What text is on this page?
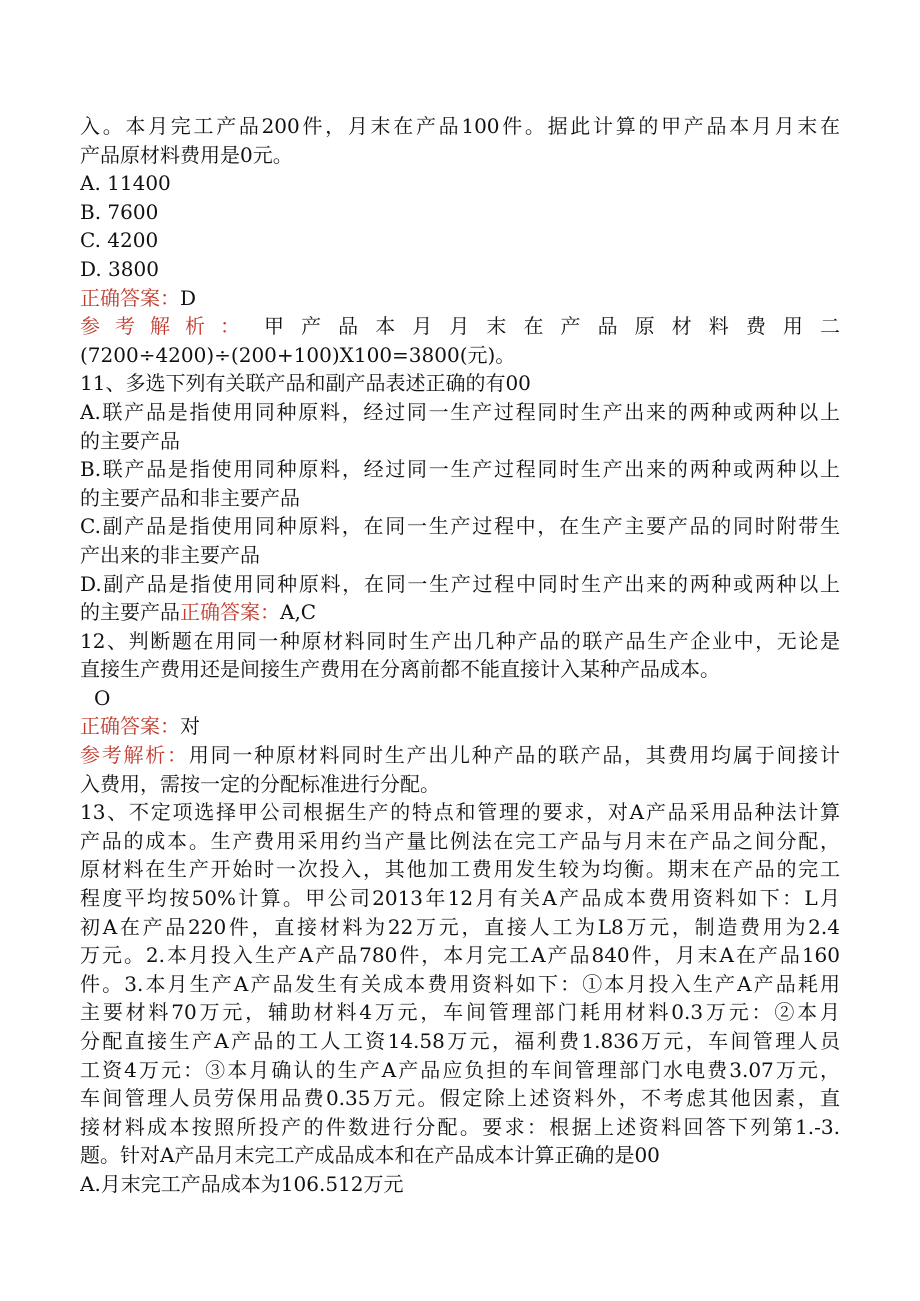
入。本月完工产品200件，月末在产品100件。据此计算的甲产品本月月末在

产品原材料费用是0元。

A. 11400

B. 7600

C. 4200

D. 3800

正确答案：D

参 考 解 析 ： 甲 产 品 本 月 月 末 在 产 品 原 材 料 费 用 二

(7200÷4200)÷(200+100)X100=3800(元)。

11、多选下列有关联产品和副产品表述正确的有00

A.联产品是指使用同种原料，经过同一生产过程同时生产出来的两种或两种以上

的主要产品

B.联产品是指使用同种原料，经过同一生产过程同时生产出来的两种或两种以上

的主要产品和非主要产品

C.副产品是指使用同种原料，在同一生产过程中，在生产主要产品的同时附带生

产出来的非主要产品

D.副产品是指使用同种原料，在同一生产过程中同时生产出来的两种或两种以上

的主要产品正确答案：A,C

12、判断题在用同一种原材料同时生产出几种产品的联产品生产企业中，无论是

直接生产费用还是间接生产费用在分离前都不能直接计入某种产品成本。

O

正确答案：对

参考解析：用同一种原材料同时生产出儿种产品的联产品，其费用均属于间接计

入费用，需按一定的分配标准进行分配。

13、不定项选择甲公司根据生产的特点和管理的要求，对A产品采用品种法计算

产品的成本。生产费用采用约当产量比例法在完工产品与月末在产品之间分配，

原材料在生产开始时一次投入，其他加工费用发生较为均衡。期末在产品的完工

程度平均按50%计算。甲公司2013年12月有关A产品成本费用资料如下：L月

初A在产品220件，直接材料为22万元，直接人工为L8万元，制造费用为2.4

万元。2.本月投入生产A产品780件，本月完工A产品840件，月末A在产品160

件。3.本月生产A产品发生有关成本费用资料如下：①本月投入生产A产品耗用

主要材料70万元，辅助材料4万元，车间管理部门耗用材料0.3万元：②本月

分配直接生产A产品的工人工资14.58万元，福利费1.836万元，车间管理人员

工资4万元：③本月确认的生产A产品应负担的车间管理部门水电费3.07万元，

车间管理人员劳保用品费0.35万元。假定除上述资料外，不考虑其他因素，直

接材料成本按照所投产的件数进行分配。要求：根据上述资料回答下列第1.-3.

题。针对A产品月末完工产成品成本和在产品成本计算正确的是00

A.月末完工产品成本为106.512万元
